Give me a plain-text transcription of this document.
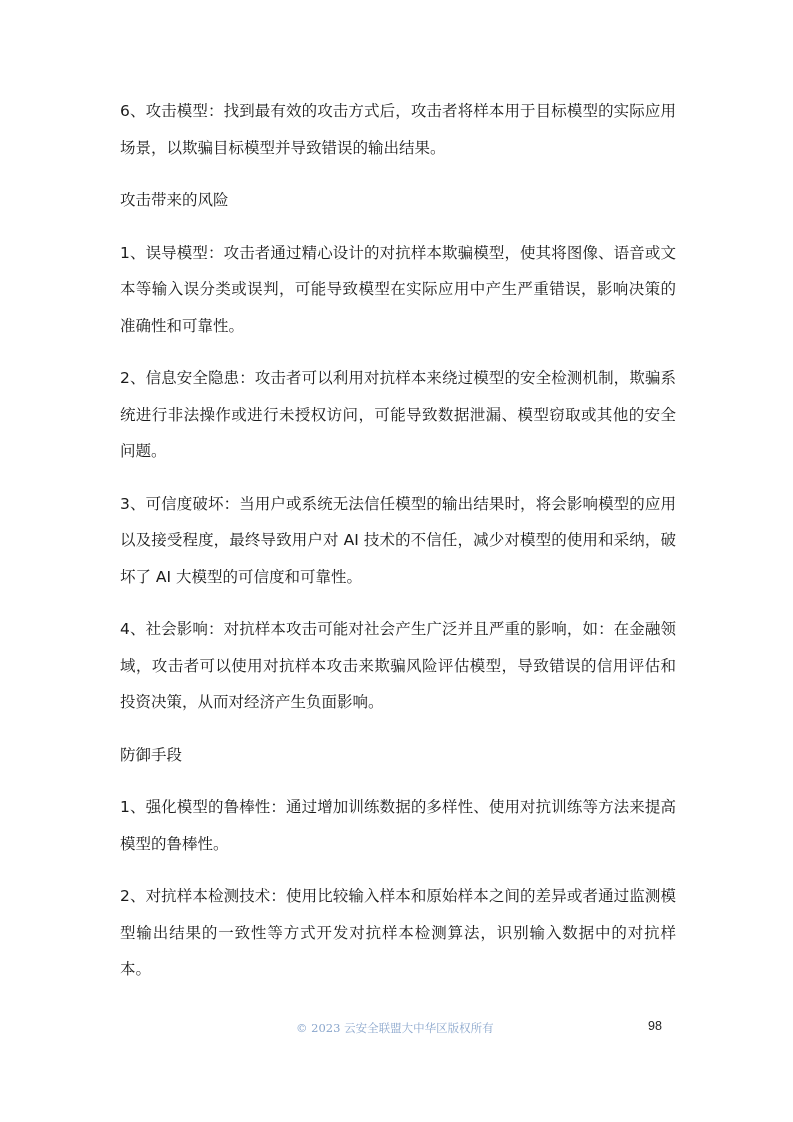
6、攻击模型：找到最有效的攻击方式后，攻击者将样本用于目标模型的实际应用场景，以欺骗目标模型并导致错误的输出结果。

攻击带来的风险

1、误导模型：攻击者通过精心设计的对抗样本欺骗模型，使其将图像、语音或文本等输入误分类或误判，可能导致模型在实际应用中产生严重错误，影响决策的准确性和可靠性。

2、信息安全隐患：攻击者可以利用对抗样本来绕过模型的安全检测机制，欺骗系统进行非法操作或进行未授权访问，可能导致数据泄漏、模型窃取或其他的安全问题。

3、可信度破坏：当用户或系统无法信任模型的输出结果时，将会影响模型的应用以及接受程度，最终导致用户对 AI 技术的不信任，减少对模型的使用和采纳，破坏了 AI 大模型的可信度和可靠性。

4、社会影响：对抗样本攻击可能对社会产生广泛并且严重的影响，如：在金融领域，攻击者可以使用对抗样本攻击来欺骗风险评估模型，导致错误的信用评估和投资决策，从而对经济产生负面影响。

防御手段

1、强化模型的鲁棒性：通过增加训练数据的多样性、使用对抗训练等方法来提高模型的鲁棒性。

2、对抗样本检测技术：使用比较输入样本和原始样本之间的差异或者通过监测模型输出结果的一致性等方式开发对抗样本检测算法，识别输入数据中的对抗样本。

© 2023 云安全联盟大中华区版权所有	98
